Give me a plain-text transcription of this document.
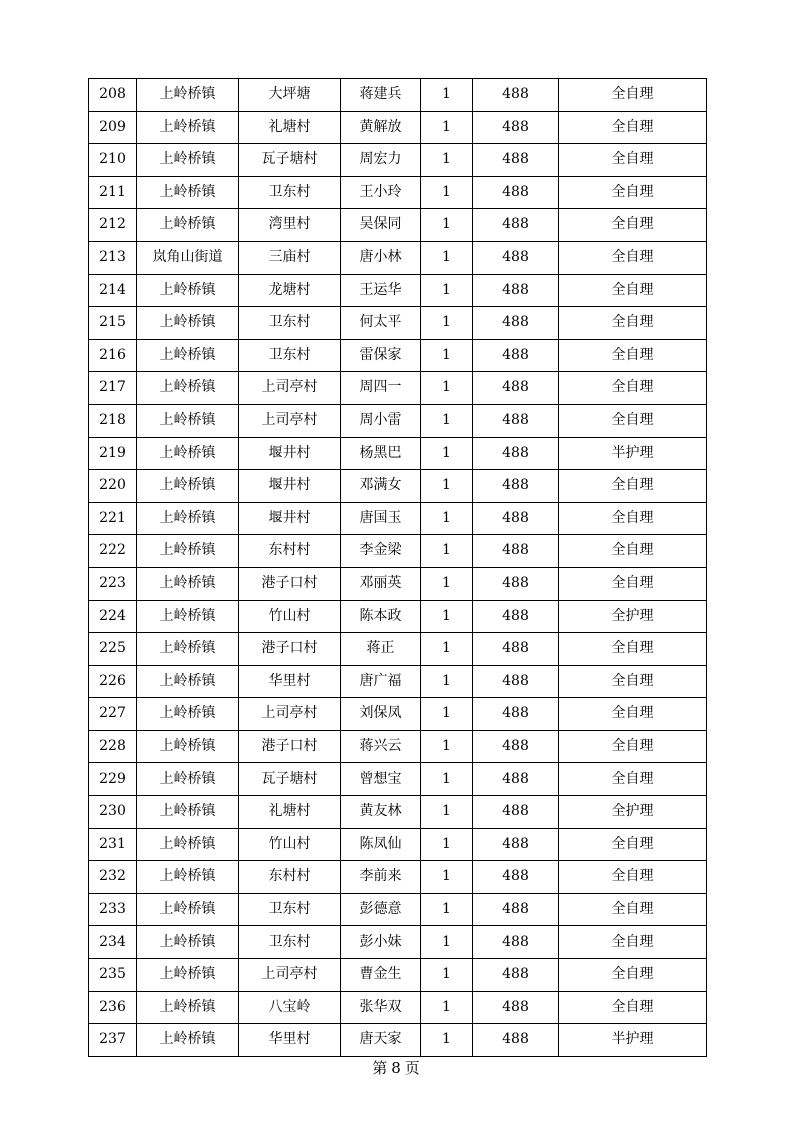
208	上岭桥镇	大坪塘	蒋建兵	1	488	全自理
209	上岭桥镇	礼塘村	黄解放	1	488	全自理
210	上岭桥镇	瓦子塘村	周宏力	1	488	全自理
211	上岭桥镇	卫东村	王小玲	1	488	全自理
212	上岭桥镇	湾里村	吴保同	1	488	全自理
213	岚角山街道	三庙村	唐小林	1	488	全自理
214	上岭桥镇	龙塘村	王运华	1	488	全自理
215	上岭桥镇	卫东村	何太平	1	488	全自理
216	上岭桥镇	卫东村	雷保家	1	488	全自理
217	上岭桥镇	上司亭村	周四一	1	488	全自理
218	上岭桥镇	上司亭村	周小雷	1	488	全自理
219	上岭桥镇	堰井村	杨黑巴	1	488	半护理
220	上岭桥镇	堰井村	邓满女	1	488	全自理
221	上岭桥镇	堰井村	唐国玉	1	488	全自理
222	上岭桥镇	东村村	李金梁	1	488	全自理
223	上岭桥镇	港子口村	邓丽英	1	488	全自理
224	上岭桥镇	竹山村	陈本政	1	488	全护理
225	上岭桥镇	港子口村	蒋正	1	488	全自理
226	上岭桥镇	华里村	唐广福	1	488	全自理
227	上岭桥镇	上司亭村	刘保凤	1	488	全自理
228	上岭桥镇	港子口村	蒋兴云	1	488	全自理
229	上岭桥镇	瓦子塘村	曾想宝	1	488	全自理
230	上岭桥镇	礼塘村	黄友林	1	488	全护理
231	上岭桥镇	竹山村	陈凤仙	1	488	全自理
232	上岭桥镇	东村村	李前来	1	488	全自理
233	上岭桥镇	卫东村	彭德意	1	488	全自理
234	上岭桥镇	卫东村	彭小妹	1	488	全自理
235	上岭桥镇	上司亭村	曹金生	1	488	全自理
236	上岭桥镇	八宝岭	张华双	1	488	全自理
237	上岭桥镇	华里村	唐天家	1	488	半护理
第 8 页
